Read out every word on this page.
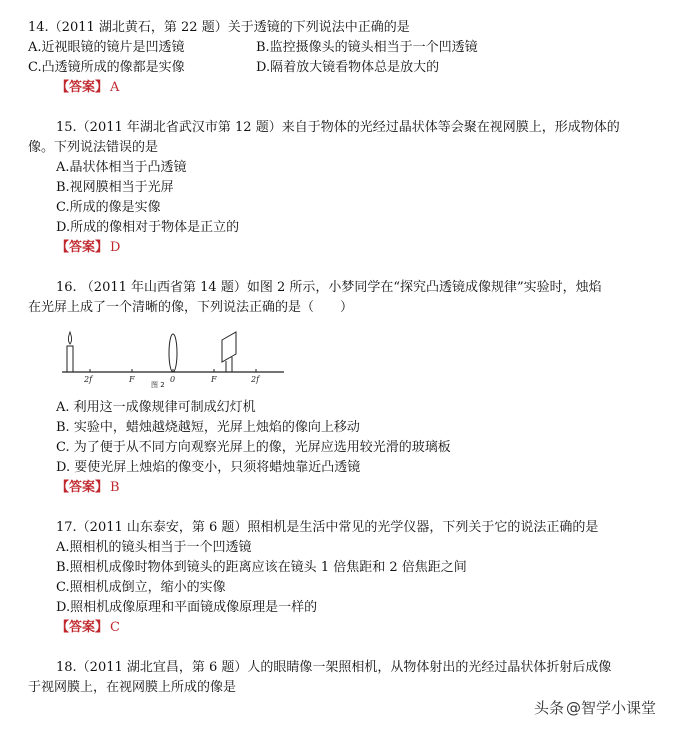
14.（2011 湖北黄石，第 22 题）关于透镜的下列说法中正确的是
A.近视眼镜的镜片是凹透镜	B.监控摄像头的镜头相当于一个凹透镜
C.凸透镜所成的像都是实像	D.隔着放大镜看物体总是放大的
【答案】 A
15.（2011 年湖北省武汉市第 12 题）来自于物体的光经过晶状体等会聚在视网膜上，形成物体的
像。下列说法错误的是
A.晶状体相当于凸透镜
B.视网膜相当于光屏
C.所成的像是实像
D.所成的像相对于物体是正立的
【答案】 D
16. （2011 年山西省第 14 题）如图 2 所示，小梦同学在“探究凸透镜成像规律”实验时，烛焰
在光屏上成了一个清晰的像，下列说法正确的是（　　）
2f	F	0	F	2f
图 2
A. 利用这一成像规律可制成幻灯机
B. 实验中，蜡烛越烧越短，光屏上烛焰的像向上移动
C. 为了便于从不同方向观察光屏上的像，光屏应选用较光滑的玻璃板
D. 要使光屏上烛焰的像变小，只须将蜡烛靠近凸透镜
【答案】 B
17.（2011 山东泰安，第 6 题）照相机是生活中常见的光学仪器，下列关于它的说法正确的是
A.照相机的镜头相当于一个凹透镜
B.照相机成像时物体到镜头的距离应该在镜头 1 倍焦距和 2 倍焦距之间
C.照相机成倒立，缩小的实像
D.照相机成像原理和平面镜成像原理是一样的
【答案】 C
18.（2011 湖北宜昌，第 6 题）人的眼睛像一架照相机，从物体射出的光经过晶状体折射后成像
于视网膜上，在视网膜上所成的像是
头条 @智学小课堂
